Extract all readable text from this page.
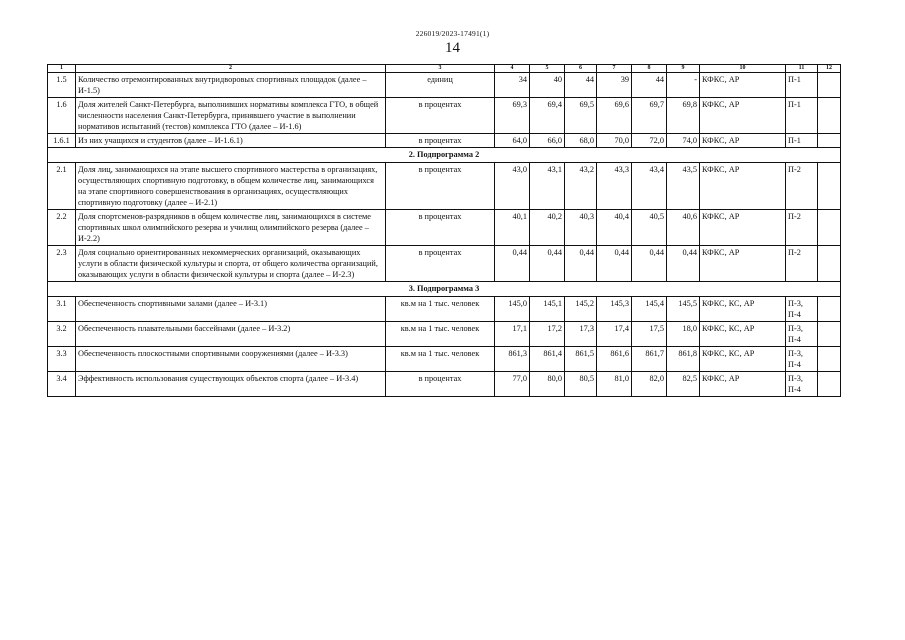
226019/2023-17491(1)
14
1	2	3	4	5	6	7	8	9	10	11	12
1.5	Количество отремонтированных внутридворовых спортивных площадок (далее – И-1.5)	единиц	34	40	44	39	44	-	КФКС, АР	П-1	
1.6	Доля жителей Санкт-Петербурга, выполнивших нормативы комплекса ГТО, в общей численности населения Санкт-Петербурга, принявшего участие в выполнении нормативов испытаний (тестов) комплекса ГТО (далее – И-1.6)	в процентах	69,3	69,4	69,5	69,6	69,7	69,8	КФКС, АР	П-1	
1.6.1	Из них учащихся и студентов (далее – И-1.6.1)	в процентах	64,0	66,0	68,0	70,0	72,0	74,0	КФКС, АР	П-1	
2. Подпрограмма 2											
2.1	Доля лиц, занимающихся на этапе высшего спортивного мастерства в организациях, осуществляющих спортивную подготовку, в общем количестве лиц, занимающихся на этапе спортивного совершенствования в организациях, осуществляющих спортивную подготовку (далее – И-2.1)	в процентах	43,0	43,1	43,2	43,3	43,4	43,5	КФКС, АР	П-2	
2.2	Доля спортсменов-разрядников в общем количестве лиц, занимающихся в системе спортивных школ олимпийского резерва и училищ олимпийского резерва (далее – И-2.2)	в процентах	40,1	40,2	40,3	40,4	40,5	40,6	КФКС, АР	П-2	
2.3	Доля социально ориентированных некоммерческих организаций, оказывающих услуги в области физической культуры и спорта, от общего количества организаций, оказывающих услуги в области физической культуры и спорта (далее – И-2.3)	в процентах	0,44	0,44	0,44	0,44	0,44	0,44	КФКС, АР	П-2	
3. Подпрограмма 3											
3.1	Обеспеченность спортивными залами (далее – И-3.1)	кв.м на 1 тыс. человек	145,0	145,1	145,2	145,3	145,4	145,5	КФКС, КС, АР	П-3, П-4	
3.2	Обеспеченность плавательными бассейнами (далее – И-3.2)	кв.м на 1 тыс. человек	17,1	17,2	17,3	17,4	17,5	18,0	КФКС, КС, АР	П-3, П-4	
3.3	Обеспеченность плоскостными спортивными сооружениями (далее – И-3.3)	кв.м на 1 тыс. человек	861,3	861,4	861,5	861,6	861,7	861,8	КФКС, КС, АР	П-3, П-4	
3.4	Эффективность использования существующих объектов спорта (далее – И-3.4)	в процентах	77,0	80,0	80,5	81,0	82,0	82,5	КФКС, АР	П-3, П-4	
